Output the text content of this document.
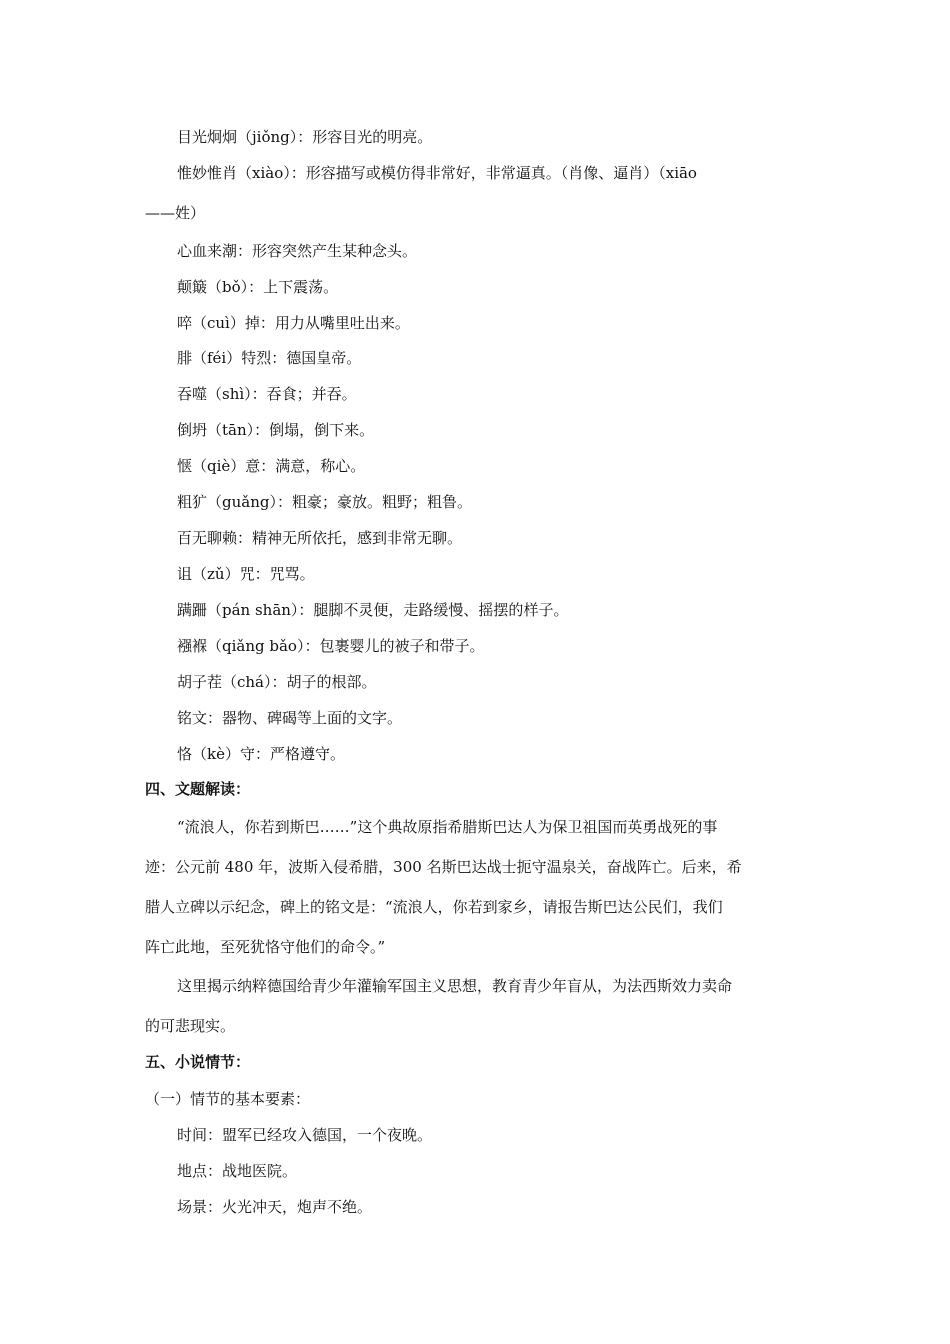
目光炯炯（jiǒng）：形容目光的明亮。
惟妙惟肖（xiào）：形容描写或模仿得非常好，非常逼真。（肖像、逼肖）（xiāo
——姓）
心血来潮：形容突然产生某种念头。
颠簸（bǒ）：上下震荡。
啐（cuì）掉：用力从嘴里吐出来。
腓（féi）特烈：德国皇帝。
吞噬（shì）：吞食；并吞。
倒坍（tān）：倒塌，倒下来。
惬（qiè）意：满意，称心。
粗犷（guǎng）：粗豪；豪放。粗野；粗鲁。
百无聊赖：精神无所依托，感到非常无聊。
诅（zǔ）咒：咒骂。
蹒跚（pán shān）：腿脚不灵便，走路缓慢、摇摆的样子。
襁褓（qiǎng bǎo）：包裹婴儿的被子和带子。
胡子茬（chá）：胡子的根部。
铭文：器物、碑碣等上面的文字。
恪（kè）守：严格遵守。
四、文题解读：
“流浪人，你若到斯巴……”这个典故原指希腊斯巴达人为保卫祖国而英勇战死的事
迹：公元前 480 年，波斯入侵希腊，300 名斯巴达战士扼守温泉关，奋战阵亡。后来，希
腊人立碑以示纪念，碑上的铭文是：“流浪人，你若到家乡，请报告斯巴达公民们，我们
阵亡此地，至死犹恪守他们的命令。”
这里揭示纳粹德国给青少年灌输军国主义思想，教育青少年盲从，为法西斯效力卖命
的可悲现实。
五、小说情节：
（一）情节的基本要素：
时间：盟军已经攻入德国，一个夜晚。
地点：战地医院。
场景：火光冲天，炮声不绝。
